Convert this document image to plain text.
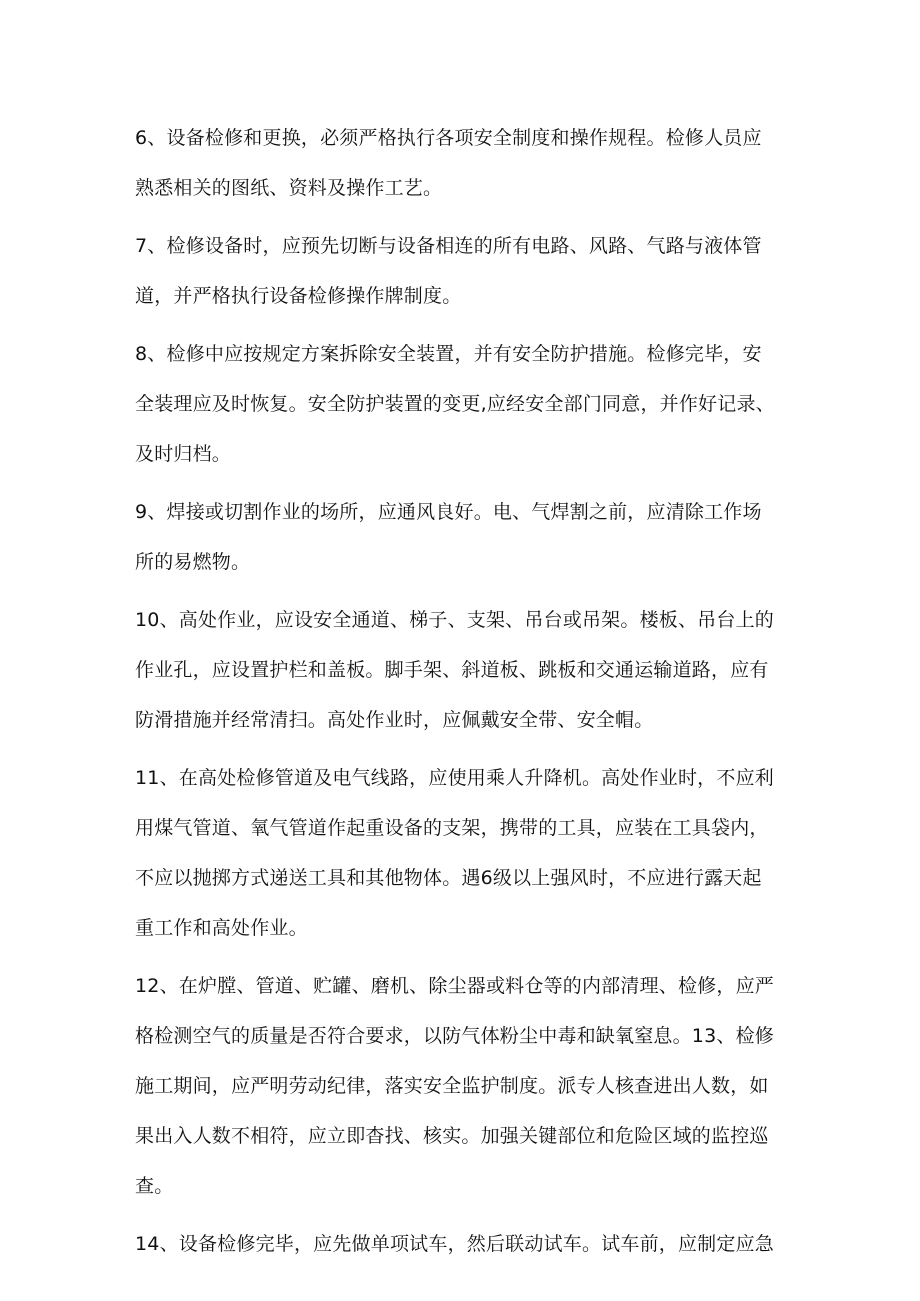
6、设备检修和更换，必须严格执行各项安全制度和操作规程。检修人员应
熟悉相关的图纸、资料及操作工艺。
7、检修设备时，应预先切断与设备相连的所有电路、风路、气路与液体管
道，并严格执行设备检修操作牌制度。
8、检修中应按规定方案拆除安全装置，并有安全防护措施。检修完毕，安
全装理应及时恢复。安全防护装置的变更,应经安全部门同意，并作好记录、
及时归档。
9、焊接或切割作业的场所，应通风良好。电、气焊割之前，应清除工作场
所的易燃物。
10、高处作业，应设安全通道、梯子、支架、吊台或吊架。楼板、吊台上的
作业孔，应设置护栏和盖板。脚手架、斜道板、跳板和交通运输道路，应有
防滑措施并经常清扫。高处作业时，应佩戴安全带、安全帽。
11、在高处检修管道及电气线路，应使用乘人升降机。高处作业时，不应利
用煤气管道、氧气管道作起重设备的支架，携带的工具，应装在工具袋内，
不应以抛掷方式递送工具和其他物体。遇6级以上强风时，不应进行露天起
重工作和高处作业。
12、在炉膛、管道、贮罐、磨机、除尘器或料仓等的内部清理、检修，应严
格检测空气的质量是否符合要求，以防气体粉尘中毒和缺氧窒息。13、检修
施工期间，应严明劳动纪律，落实安全监护制度。派专人核查进出人数，如
果出入人数不相符，应立即杳找、核实。加强关键部位和危险区域的监控巡
查。
14、设备检修完毕，应先做单项试车，然后联动试车。试车前，应制定应急
